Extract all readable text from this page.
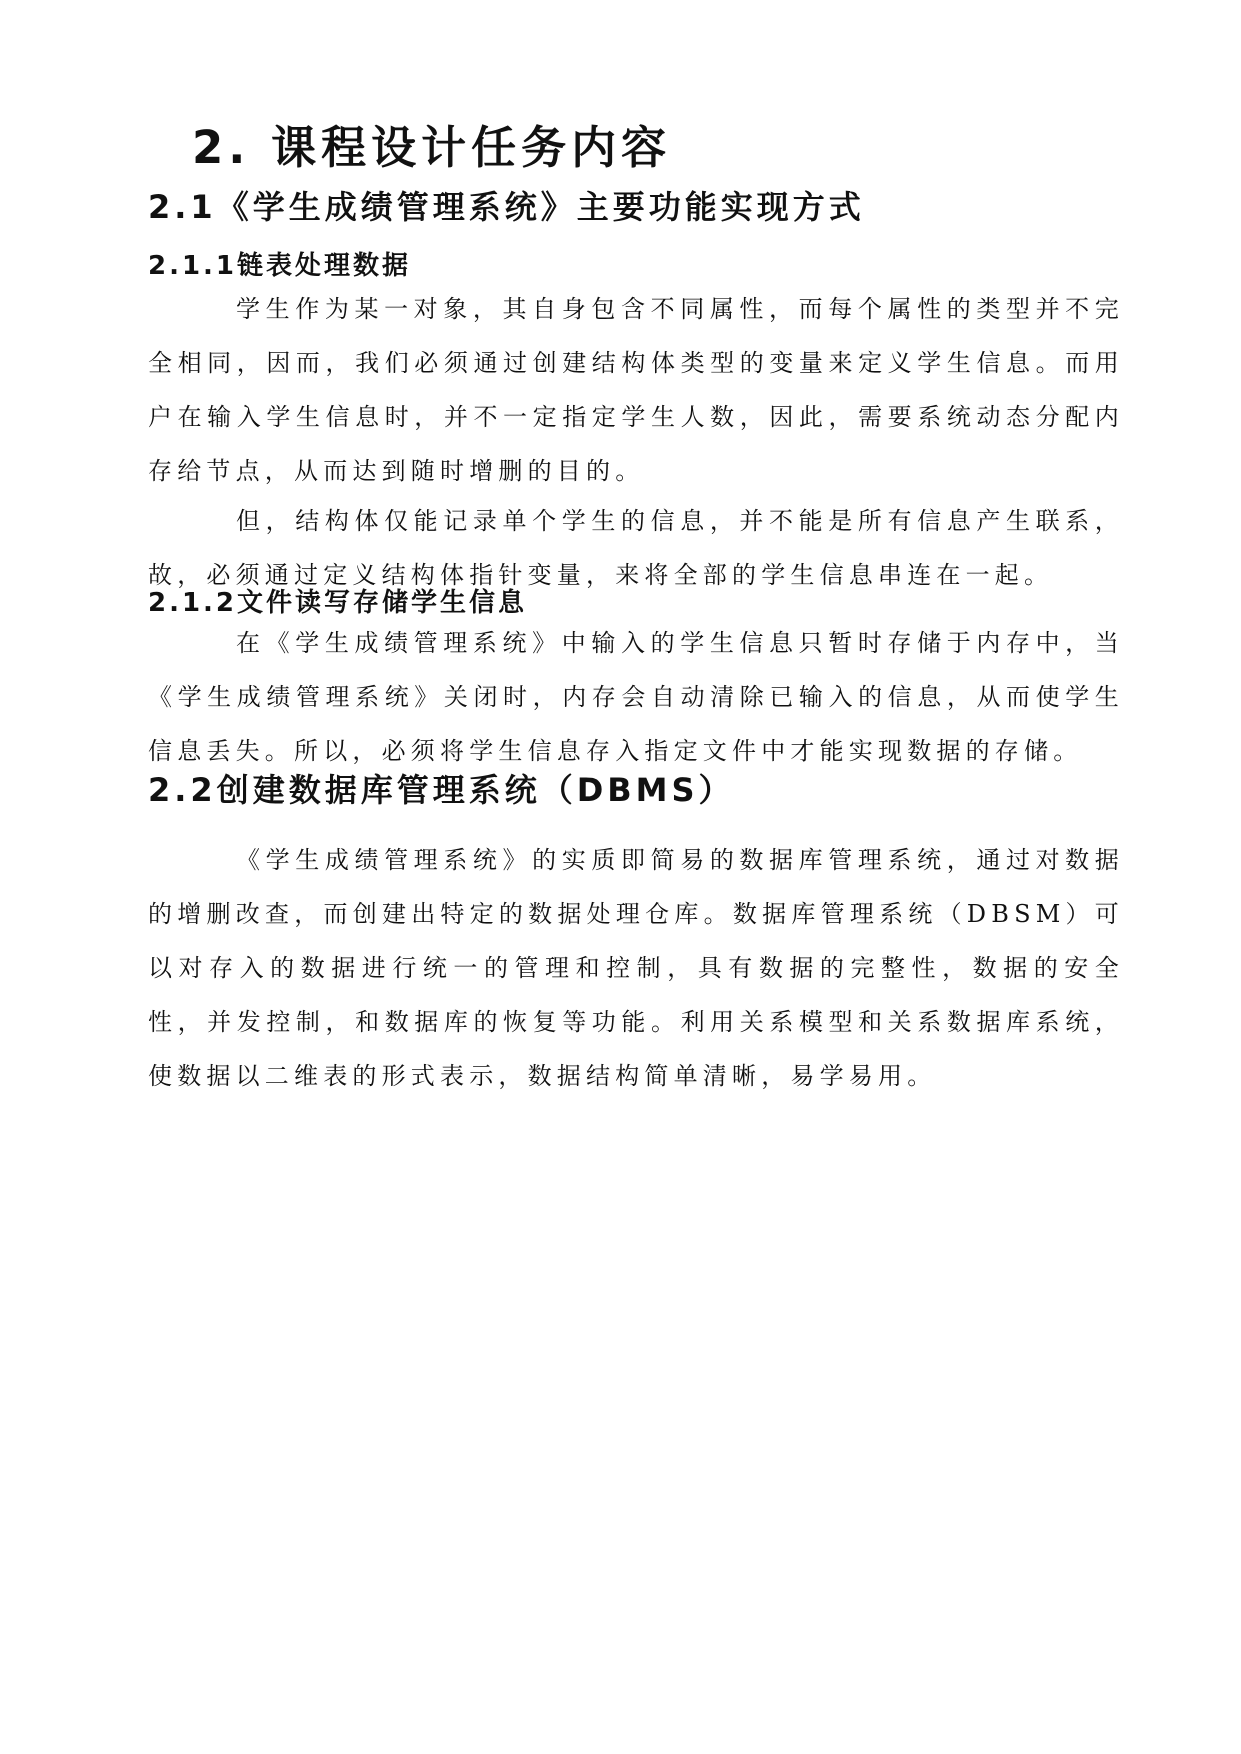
2. 课程设计任务内容
2.1《学生成绩管理系统》主要功能实现方式
2.1.1链表处理数据

学生作为某一对象，其自身包含不同属性，而每个属性的类型并不完全相同，因而，我们必须通过创建结构体类型的变量来定义学生信息。而用户在输入学生信息时，并不一定指定学生人数，因此，需要系统动态分配内存给节点，从而达到随时增删的目的。

但，结构体仅能记录单个学生的信息，并不能是所有信息产生联系，故，必须通过定义结构体指针变量，来将全部的学生信息串连在一起。

2.1.2文件读写存储学生信息

在《学生成绩管理系统》中输入的学生信息只暂时存储于内存中，当《学生成绩管理系统》关闭时，内存会自动清除已输入的信息，从而使学生信息丢失。所以，必须将学生信息存入指定文件中才能实现数据的存储。

2.2创建数据库管理系统（DBMS）

《学生成绩管理系统》的实质即简易的数据库管理系统，通过对数据的增删改查，而创建出特定的数据处理仓库。数据库管理系统（DBSM）可以对存入的数据进行统一的管理和控制，具有数据的完整性，数据的安全性，并发控制，和数据库的恢复等功能。利用关系模型和关系数据库系统，使数据以二维表的形式表示，数据结构简单清晰，易学易用。
